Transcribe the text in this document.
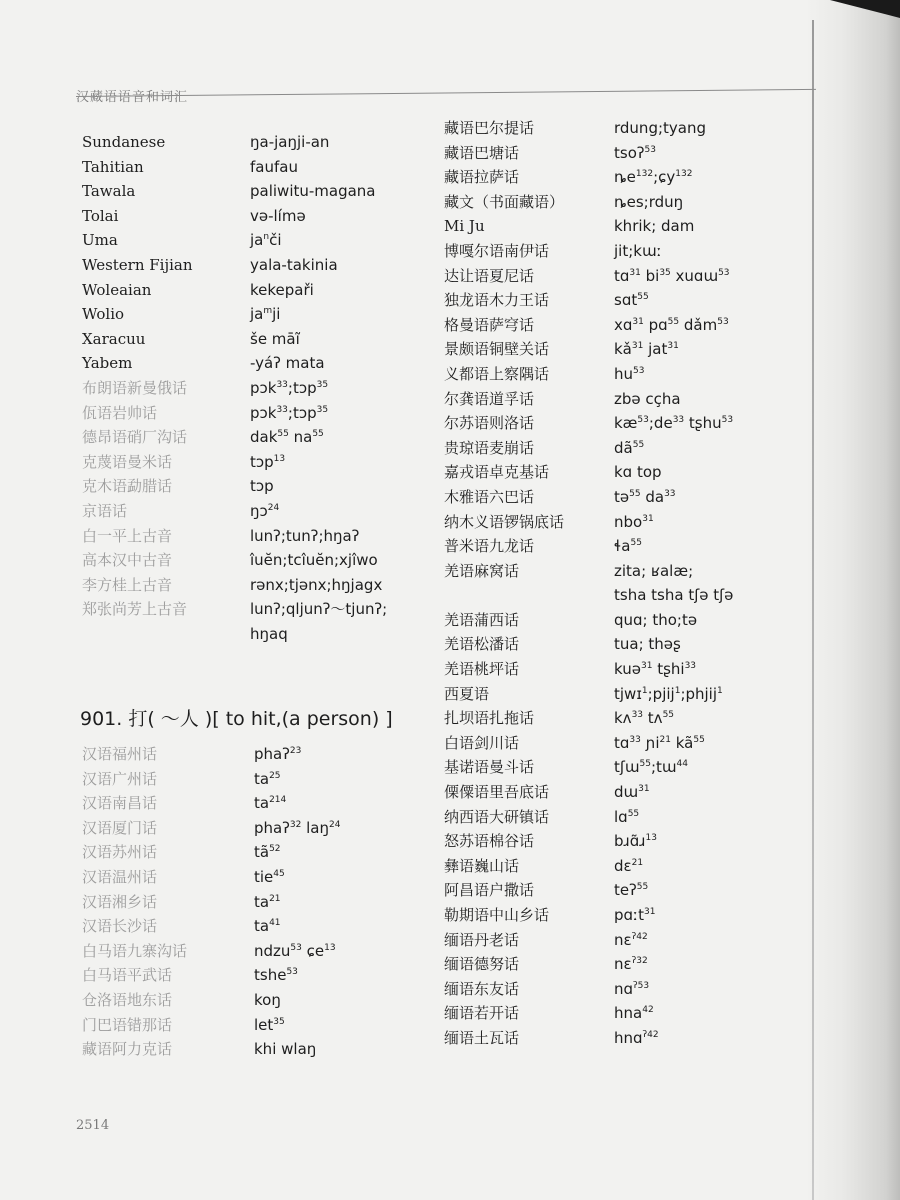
汉藏语语音和词汇
Sundanese	ŋa-jaŋji-an
Tahitian	faufau
Tawala	paliwitu-magana
Tolai	və-límə
Uma	$ja^nči$
Western Fijian	yala-takinia
Woleaian	kekepaři
Wolio	$ja^mji$
Xaracuu	še māĩ
Yabem	-yáʔ mata
布朗语新曼俄话	pɔk$^{33}$;tɔp$^{35}$
佤语岩帅话	pɔk$^{33}$;tɔp$^{35}$
德昂语硝厂沟话	dak$^{55}$ $na^{55}$
克蔑语曼米话	tɔp$^{13}$
克木语勐腊话	tɔp
京语话	ŋɔ$^{24}$
白一平上古音	lunʔ;tunʔ;hŋaʔ
高本汉中古音	îuĕn;tcîuĕn;xjîwo
李方桂上古音	rənx;tjənx;hŋjagx
郑张尚芳上古音	lunʔ;qljunʔ～tjunʔ;
hŋaq
901. 打( ～人 )[ to hit,(a person) ]
汉语福州话	phaʔ$^{23}$
汉语广州话	$ta^{25}$
汉语南昌话	$ta^{214}$
汉语厦门话	phaʔ$^{32}$ laŋ$^{24}$
汉语苏州话	$tã^{52}$
汉语温州话	tie$^{45}$
汉语湘乡话	$ta^{21}$
汉语长沙话	$ta^{41}$
白马语九寨沟话	ndzu$^{53}$ ɕe$^{13}$
白马语平武话	tshe$^{53}$
仓洛语地东话	koŋ
门巴语错那话	let$^{35}$
藏语阿力克话	khi wlaŋ
藏语巴尔提话	rdung;tyang
藏语巴塘话	tsoʔ$^{53}$
藏语拉萨话	$ȵe^{132};ɕy^{132}$
藏文（书面藏语）	ȵes;rduŋ
Mi Ju	khrik; dam
博嘎尔语南伊话	jit;kɯː
达让语夏尼话	tɑ$^{31}$ $bi^{35}$ xuɑɯ$^{53}$
独龙语木力王话	sɑt$^{55}$
格曼语萨穹话	xɑ$^{31}$ pɑ$^{55}$ dǎm$^{53}$
景颇语铜壁关话	$kǎ^{31}$ jat$^{31}$
义都语上察隅话	$hu^{53}$
尔龚语道孚话	zbə cçha
尔苏语则洛话	$kæ^{53};de^{33}$ tʂhu$^{53}$
贵琼语麦崩话	$dã^{55}$
嘉戎语卓克基话	kɑ top
木雅语六巴话	tə$^{55}$ $da^{33}$
纳木义语锣锅底话	nbo$^{31}$
普米语九龙话	ɬa$^{55}$
羌语麻窝话	zita; ʁalæ;
tsha tsha tʃə tʃə
羌语蒲西话	quɑ; tho;tə
羌语松潘话	tua; thəʂ
羌语桃坪话	kuə$^{31}$ tʂhi$^{33}$
西夏语	tjwɪ$^1$;pjij$^1$;phjij$^1$
扎坝语扎拖话	kʌ$^{33}$ tʌ$^{55}$
白语剑川话	tɑ$^{33}$ ɲi$^{21}$ $kã^{55}$
基诺语曼斗话	tʃɯ$^{55}$;tɯ$^{44}$
傈僳语里吾底话	dɯ$^{31}$
纳西语大研镇话	lɑ$^{55}$
怒苏语棉谷话	bɹɑ̃ɹ$^{13}$
彝语巍山话	dɛ$^{21}$
阿昌语户撒话	teʔ$^{55}$
勒期语中山乡话	pɑːt$^{31}$
缅语丹老话	nɛ$^{ʔ42}$
缅语德努话	nɛ$^{ʔ32}$
缅语东友话	nɑ$^{ʔ53}$
缅语若开话	hna$^{42}$
缅语土瓦话	hnɑ$^{ʔ42}$
2514
